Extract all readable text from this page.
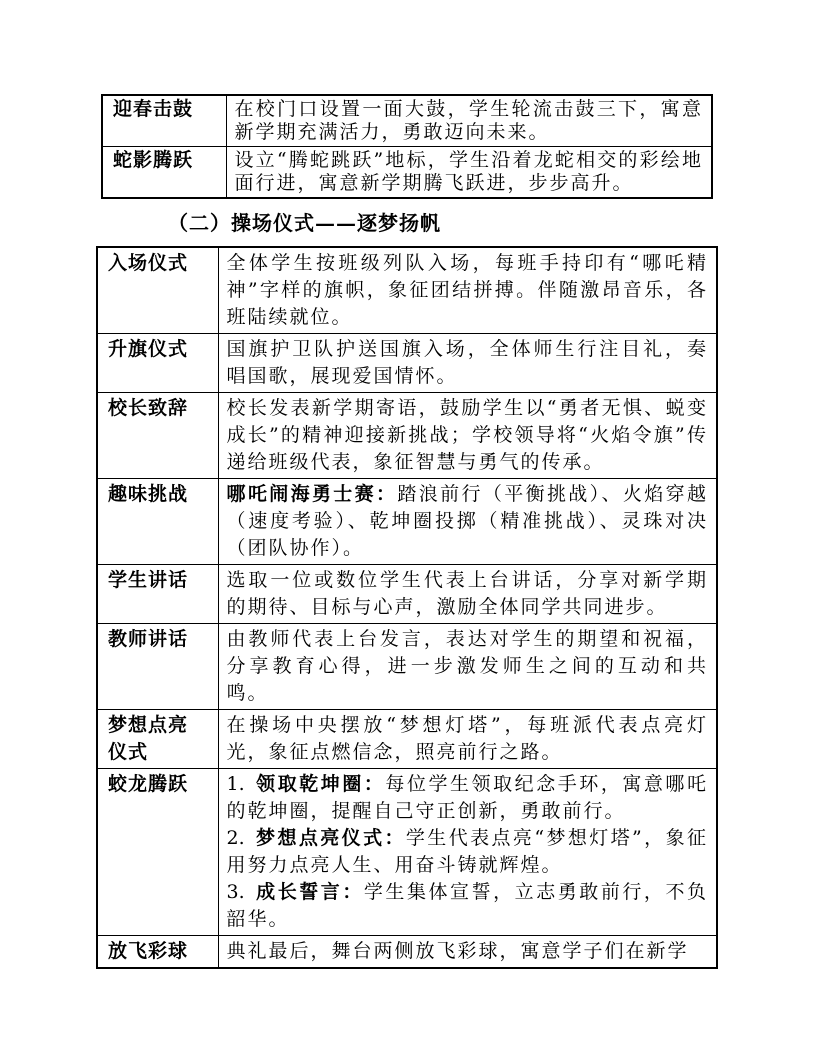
迎春击鼓	在校门口设置一面大鼓，学生轮流击鼓三下，寓意新学期充满活力，勇敢迈向未来。
蛇影腾跃	设立“腾蛇跳跃”地标，学生沿着龙蛇相交的彩绘地面行进，寓意新学期腾飞跃进，步步高升。
（二）操场仪式——逐梦扬帆
入场仪式	全体学生按班级列队入场，每班手持印有“哪吒精神”字样的旗帜，象征团结拼搏。伴随激昂音乐，各班陆续就位。
升旗仪式	国旗护卫队护送国旗入场，全体师生行注目礼，奏唱国歌，展现爱国情怀。
校长致辞	校长发表新学期寄语，鼓励学生以“勇者无惧、蜕变成长”的精神迎接新挑战；学校领导将“火焰令旗”传递给班级代表，象征智慧与勇气的传承。
趣味挑战	哪吒闹海勇士赛：踏浪前行（平衡挑战）、火焰穿越（速度考验）、乾坤圈投掷（精准挑战）、灵珠对决（团队协作）。
学生讲话	选取一位或数位学生代表上台讲话，分享对新学期的期待、目标与心声，激励全体同学共同进步。
教师讲话	由教师代表上台发言，表达对学生的期望和祝福，分享教育心得，进一步激发师生之间的互动和共鸣。
梦想点亮仪式	在操场中央摆放“梦想灯塔”，每班派代表点亮灯光，象征点燃信念，照亮前行之路。
蛟龙腾跃	1. 领取乾坤圈：每位学生领取纪念手环，寓意哪吒的乾坤圈，提醒自己守正创新，勇敢前行。

2. 梦想点亮仪式：学生代表点亮“梦想灯塔”，象征用努力点亮人生、用奋斗铸就辉煌。

3. 成长誓言：学生集体宣誓，立志勇敢前行，不负韶华。

放飞彩球	典礼最后，舞台两侧放飞彩球，寓意学子们在新学
